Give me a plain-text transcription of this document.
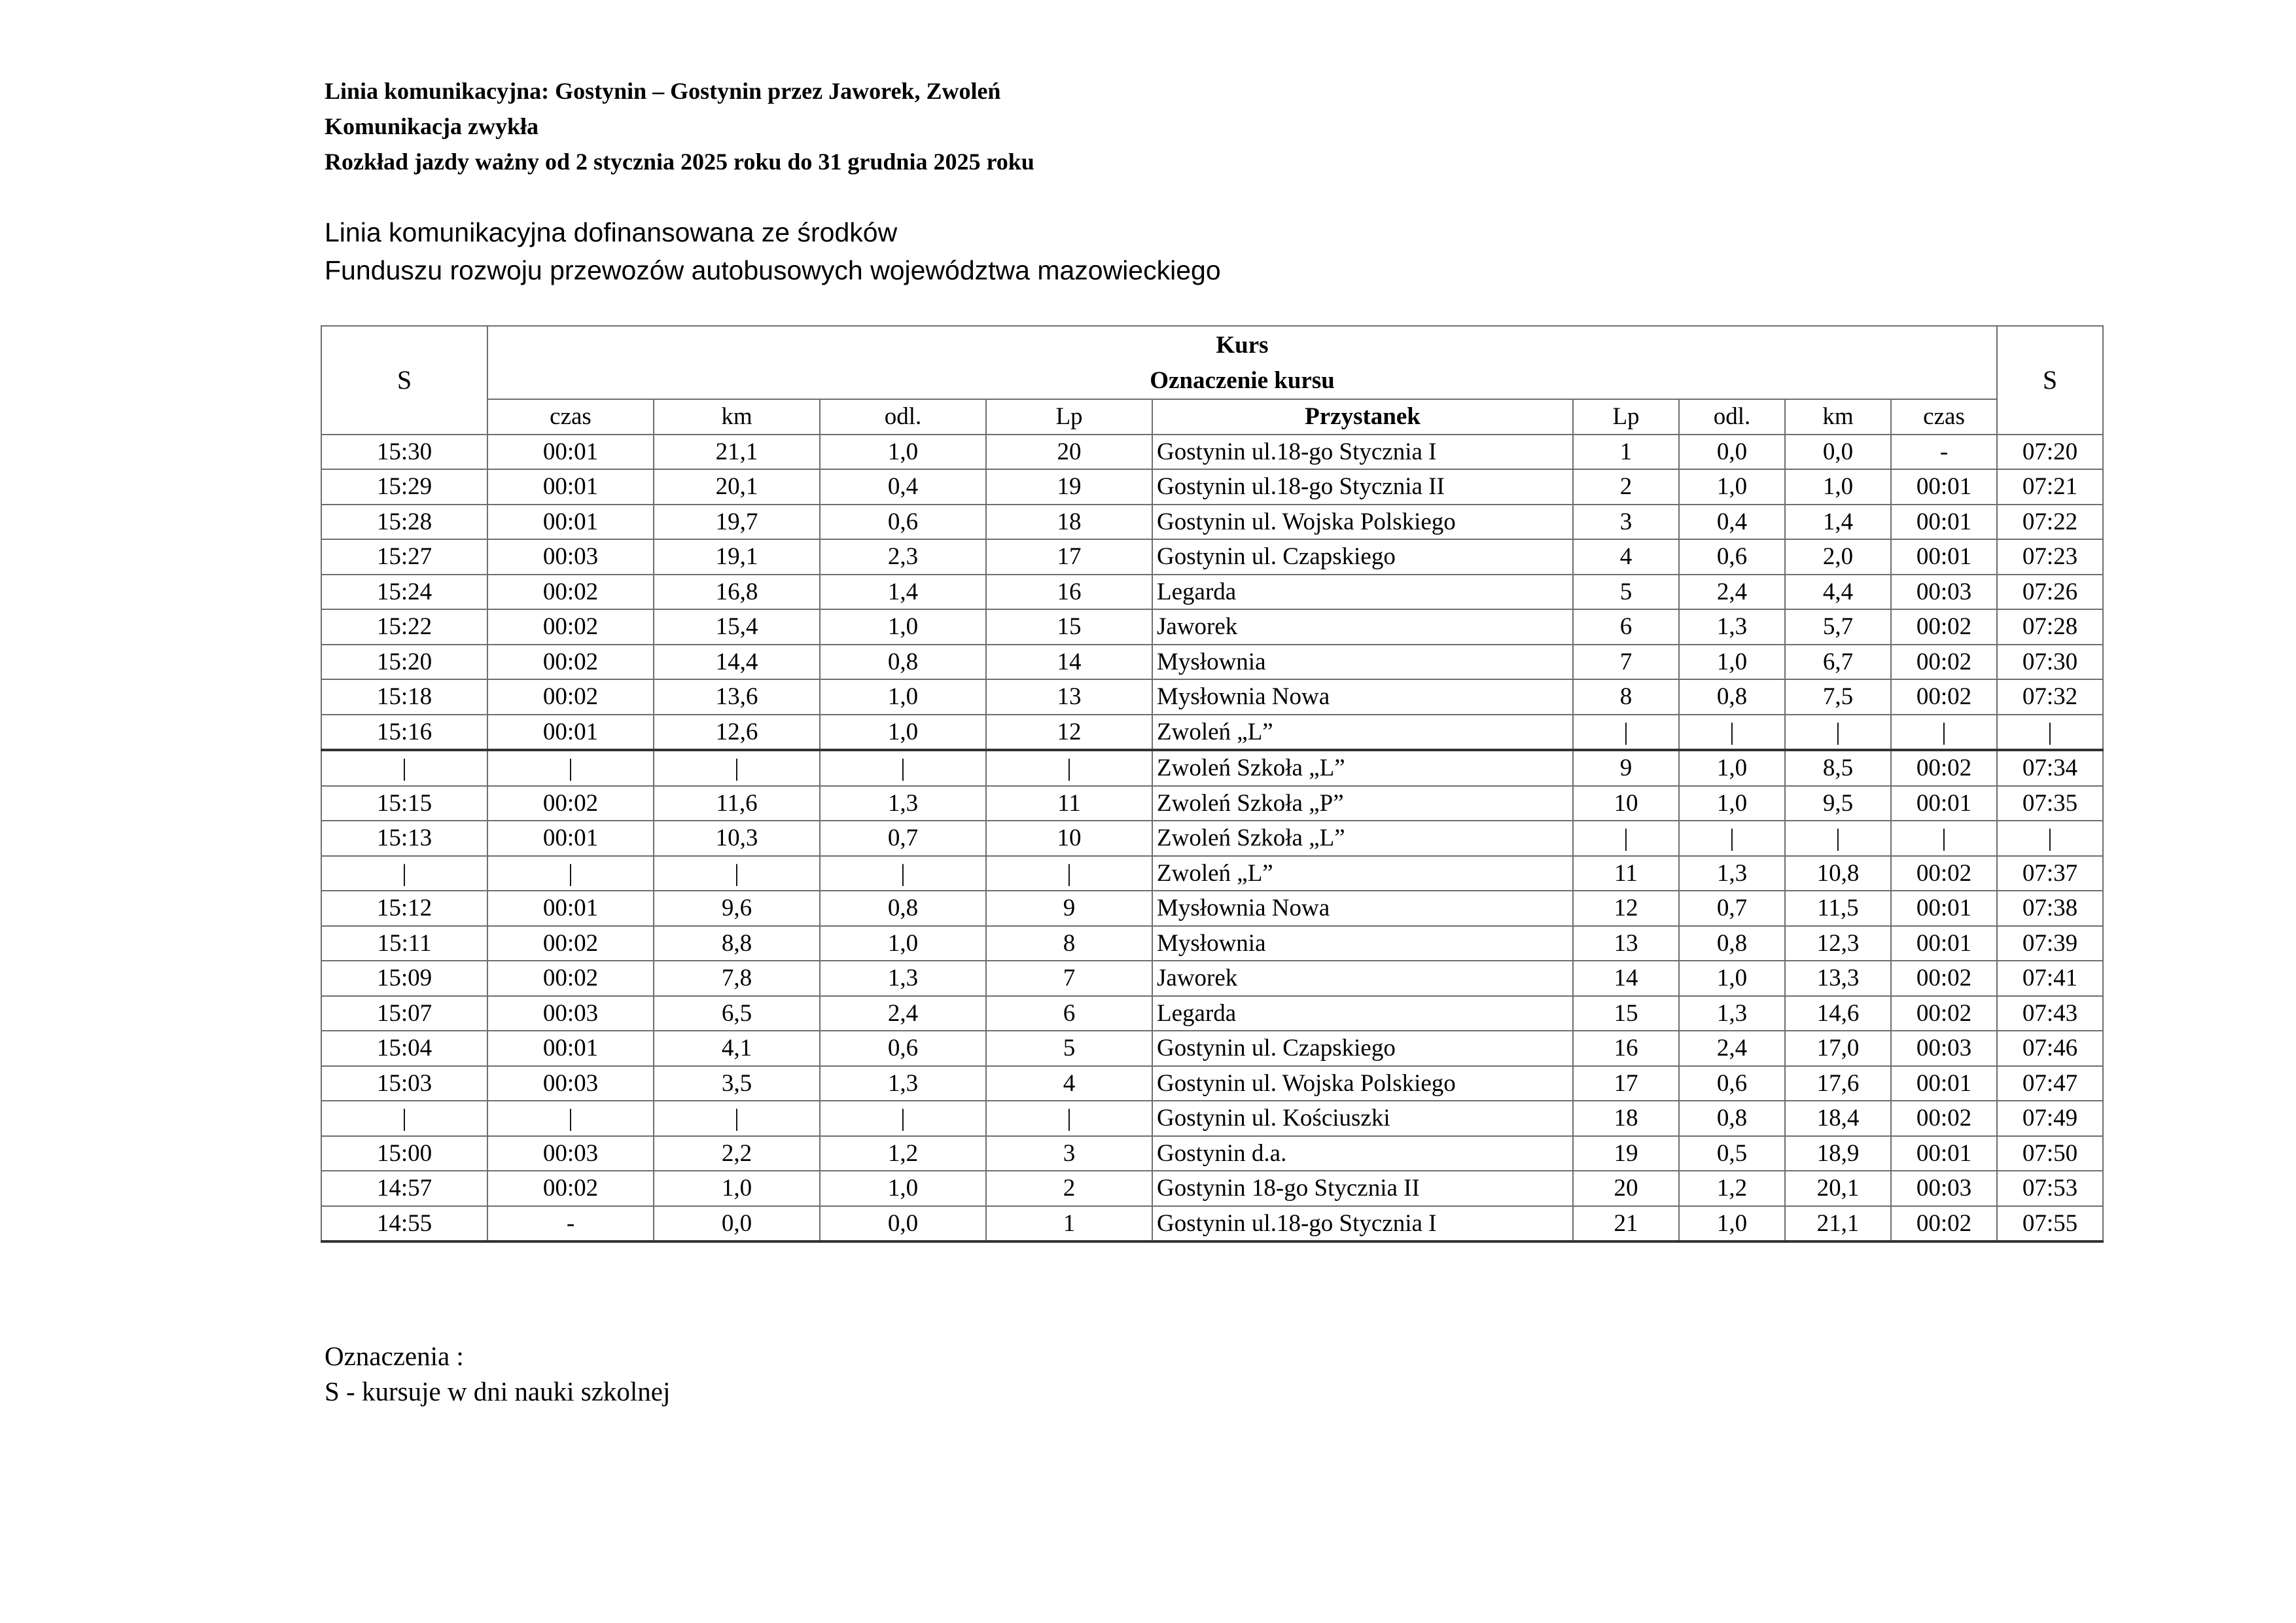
Linia komunikacyjna: Gostynin – Gostynin przez Jaworek, Zwoleń
Komunikacja zwykła
Rozkład jazdy ważny od 2 stycznia 2025 roku do 31 grudnia 2025 roku
Linia komunikacyjna dofinansowana ze środków
Funduszu rozwoju przewozów autobusowych województwa mazowieckiego
S	Kurs
Oznaczenie kursu									S
	czas	km	odl.	Lp	Przystanek	Lp	odl.	km	czas	
15:30	00:01	21,1	1,0	20	Gostynin ul.18-go Stycznia I	1	0,0	0,0	-	07:20
15:29	00:01	20,1	0,4	19	Gostynin ul.18-go Stycznia II	2	1,0	1,0	00:01	07:21
15:28	00:01	19,7	0,6	18	Gostynin ul. Wojska Polskiego	3	0,4	1,4	00:01	07:22
15:27	00:03	19,1	2,3	17	Gostynin ul. Czapskiego	4	0,6	2,0	00:01	07:23
15:24	00:02	16,8	1,4	16	Legarda	5	2,4	4,4	00:03	07:26
15:22	00:02	15,4	1,0	15	Jaworek	6	1,3	5,7	00:02	07:28
15:20	00:02	14,4	0,8	14	Mysłownia	7	1,0	6,7	00:02	07:30
15:18	00:02	13,6	1,0	13	Mysłownia Nowa	8	0,8	7,5	00:02	07:32
15:16	00:01	12,6	1,0	12	Zwoleń „L”	|	|	|	|	|
|	|	|	|	|	Zwoleń Szkoła „L”	9	1,0	8,5	00:02	07:34
15:15	00:02	11,6	1,3	11	Zwoleń Szkoła „P”	10	1,0	9,5	00:01	07:35
15:13	00:01	10,3	0,7	10	Zwoleń Szkoła „L”	|	|	|	|	|
|	|	|	|	|	Zwoleń „L”	11	1,3	10,8	00:02	07:37
15:12	00:01	9,6	0,8	9	Mysłownia Nowa	12	0,7	11,5	00:01	07:38
15:11	00:02	8,8	1,0	8	Mysłownia	13	0,8	12,3	00:01	07:39
15:09	00:02	7,8	1,3	7	Jaworek	14	1,0	13,3	00:02	07:41
15:07	00:03	6,5	2,4	6	Legarda	15	1,3	14,6	00:02	07:43
15:04	00:01	4,1	0,6	5	Gostynin ul. Czapskiego	16	2,4	17,0	00:03	07:46
15:03	00:03	3,5	1,3	4	Gostynin ul. Wojska Polskiego	17	0,6	17,6	00:01	07:47
|	|	|	|	|	Gostynin ul. Kościuszki	18	0,8	18,4	00:02	07:49
15:00	00:03	2,2	1,2	3	Gostynin d.a.	19	0,5	18,9	00:01	07:50
14:57	00:02	1,0	1,0	2	Gostynin 18-go Stycznia II	20	1,2	20,1	00:03	07:53
14:55	-	0,0	0,0	1	Gostynin ul.18-go Stycznia I	21	1,0	21,1	00:02	07:55
Oznaczenia :
S - kursuje w dni nauki szkolnej
